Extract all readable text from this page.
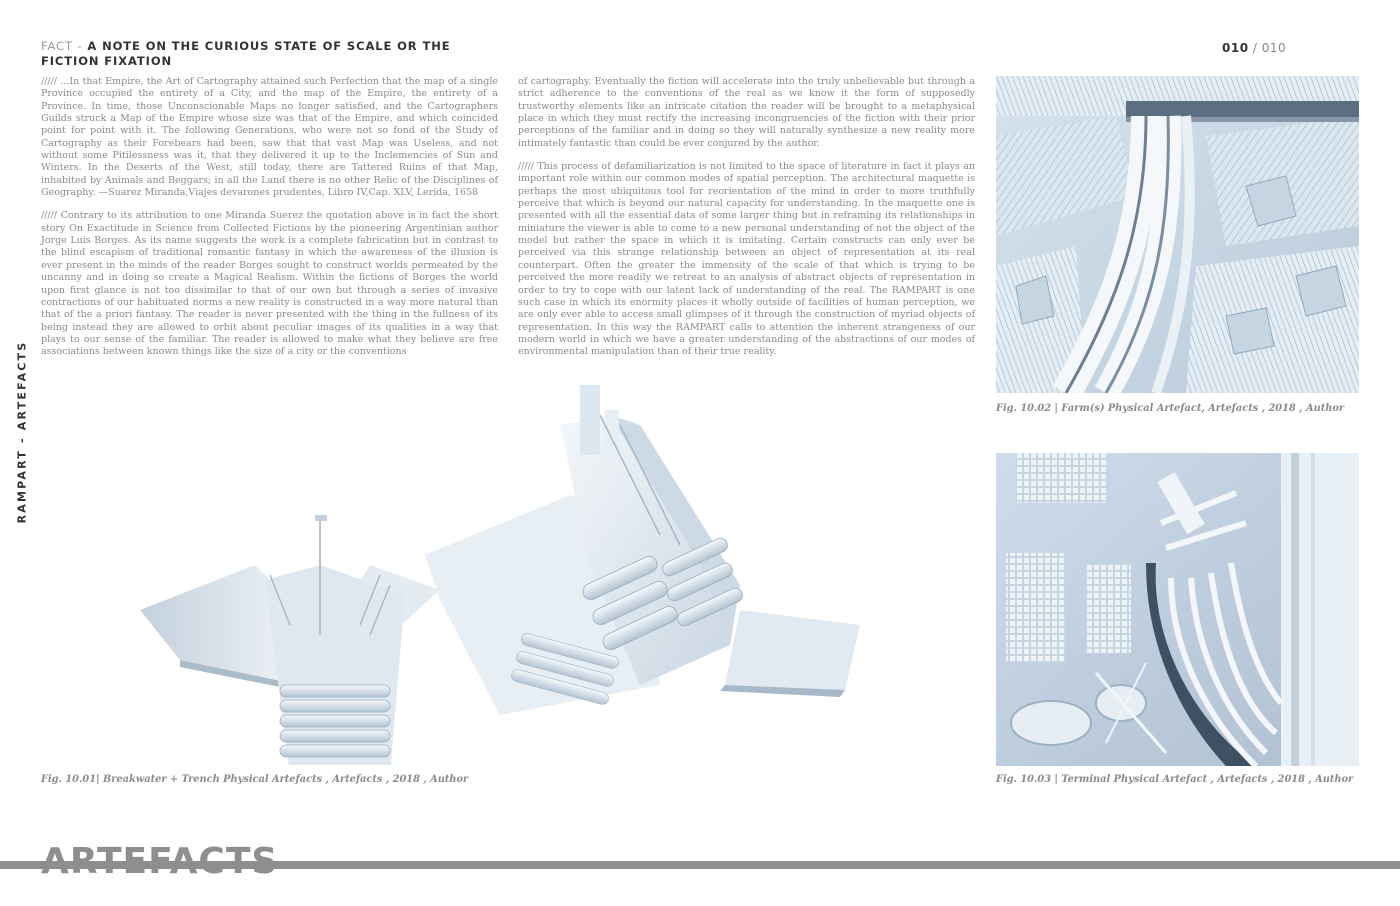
RAMPART - ARTEFACTS
FACT - A NOTE ON THE CURIOUS STATE OF SCALE OR THE FICTION FIXATION
010 / 010

///// ...In that Empire, the Art of Cartography attained such Perfection that the map of a single Province occupied the entirety of a City, and the map of the Empire, the entirety of a Province. In time, those Unconscionable Maps no longer satisfied, and the Cartographers Guilds struck a Map of the Empire whose size was that of the Empire, and which coincided point for point with it. The following Generations, who were not so fond of the Study of Cartography as their Forebears had been, saw that that vast Map was Useless, and not without some Pitilessness was it, that they delivered it up to the Inclemencies of Sun and Winters. In the Deserts of the West, still today, there are Tattered Ruins of that Map, inhabited by Animals and Beggars; in all the Land there is no other Relic of the Disciplines of Geography. —Suarez Miranda,Viajes devarones prudentes, Libro IV,Cap. XLV, Lerida, 1658

///// Contrary to its attribution to one Miranda Suerez the quotation above is in fact the short story On Exactitude in Science from Collected Fictions by the pioneering Argentinian author Jorge Luis Borges. As its name suggests the work is a complete fabrication but in contrast to the blind escapism of traditional romantic fantasy in which the awareness of the illusion is ever present in the minds of the reader Borges sought to construct worlds permeated by the uncanny and in doing so create a Magical Realism. Within the fictions of Borges the world upon first glance is not too dissimilar to that of our own but through a series of invasive contractions of our habituated norms a new reality is constructed in a way more natural than that of the a priori fantasy. The reader is never presented with the thing in the fullness of its being instead they are allowed to orbit about peculiar images of its qualities in a way that plays to our sense of the familiar. The reader is allowed to make what they believe are free associations between known things like the size of a city or the conventions

of cartography. Eventually the fiction will accelerate into the truly unbelievable but through a strict adherence to the conventions of the real as we know it the form of supposedly trustworthy elements like an intricate citation the reader will be brought to a metaphysical place in which they must rectify the increasing incongruencies of the fiction with their prior perceptions of the familiar and in doing so they will naturally synthesize a new reality more intimately fantastic than could be ever conjured by the author.

///// This process of defamiliarization is not limited to the space of literature in fact it plays an important role within our common modes of spatial perception. The architectural maquette is perhaps the most ubiquitous tool for reorientation of the mind in order to more truthfully perceive that which is beyond our natural capacity for understanding. In the maquette one is presented with all the essential data of some larger thing but in reframing its relationships in miniature the viewer is able to come to a new personal understanding of not the object of the model but rather the space in which it is imitating. Certain constructs can only ever be perceived via this strange relationship between an object of representation at its real counterpart. Often the greater the immensity of the scale of that which is trying to be perceived the more readily we retreat to an analysis of abstract objects of representation in order to try to cope with our latent lack of understanding of the real. The RAMPART is one such case in which its enormity places it wholly outside of facilities of human perception, we are only ever able to access small glimpses of it through the construction of myriad objects of representation. In this way the RAMPART calls to attention the inherent strangeness of our modern world in which we have a greater understanding of the abstractions of our modes of environmental manipulation than of their true reality.

Fig. 10.01| Breakwater + Trench Physical Artefacts , Artefacts , 2018 , Author
Fig. 10.02 | Farm(s) Physical Artefact, Artefacts , 2018 , Author
Fig. 10.03 | Terminal Physical Artefact , Artefacts , 2018 , Author
ARTEFACTS
